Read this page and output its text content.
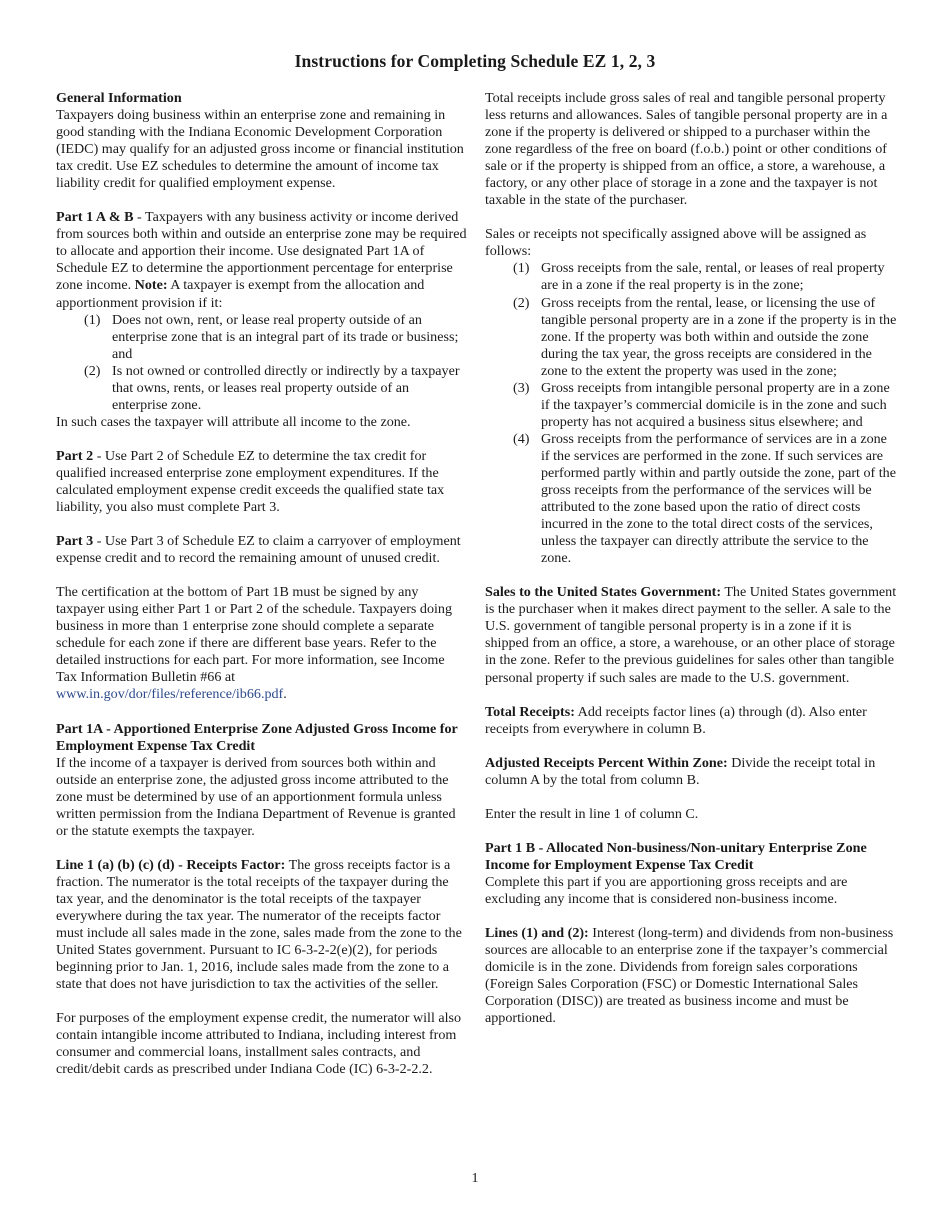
Instructions for Completing Schedule EZ 1, 2, 3

General Information
Taxpayers doing business within an enterprise zone and remaining in good standing with the Indiana Economic Development Corporation (IEDC) may qualify for an adjusted gross income or financial institution tax credit. Use EZ schedules to determine the amount of income tax liability credit for qualified employment expense.

Part 1 A & B - Taxpayers with any business activity or income derived from sources both within and outside an enterprise zone may be required to allocate and apportion their income. Use designated Part 1A of Schedule EZ to determine the apportionment percentage for enterprise zone income. Note: A taxpayer is exempt from the allocation and apportionment provision if it:
(1) Does not own, rent, or lease real property outside of an enterprise zone that is an integral part of its trade or business; and
(2) Is not owned or controlled directly or indirectly by a taxpayer that owns, rents, or leases real property outside of an enterprise zone.

In such cases the taxpayer will attribute all income to the zone.

Part 2 - Use Part 2 of Schedule EZ to determine the tax credit for qualified increased enterprise zone employment expenditures. If the calculated employment expense credit exceeds the qualified state tax liability, you also must complete Part 3.

Part 3 - Use Part 3 of Schedule EZ to claim a carryover of employment expense credit and to record the remaining amount of unused credit.

The certification at the bottom of Part 1B must be signed by any taxpayer using either Part 1 or Part 2 of the schedule. Taxpayers doing business in more than 1 enterprise zone should complete a separate schedule for each zone if there are different base years. Refer to the detailed instructions for each part. For more information, see Income Tax Information Bulletin #66 at www.in.gov/dor/files/reference/ib66.pdf.

Part 1A - Apportioned Enterprise Zone Adjusted Gross Income for Employment Expense Tax Credit
If the income of a taxpayer is derived from sources both within and outside an enterprise zone, the adjusted gross income attributed to the zone must be determined by use of an apportionment formula unless written permission from the Indiana Department of Revenue is granted or the statute exempts the taxpayer.

Line 1 (a) (b) (c) (d) - Receipts Factor: The gross receipts factor is a fraction. The numerator is the total receipts of the taxpayer during the tax year, and the denominator is the total receipts of the taxpayer everywhere during the tax year. The numerator of the receipts factor must include all sales made in the zone, sales made from the zone to the United States government. Pursuant to IC 6-3-2-2(e)(2), for periods beginning prior to Jan. 1, 2016, include sales made from the zone to a state that does not have jurisdiction to tax the activities of the seller.

For purposes of the employment expense credit, the numerator will also contain intangible income attributed to Indiana, including interest from consumer and commercial loans, installment sales contracts, and credit/debit cards as prescribed under Indiana Code (IC) 6-3-2-2.2.

Total receipts include gross sales of real and tangible personal property less returns and allowances. Sales of tangible personal property are in a zone if the property is delivered or shipped to a purchaser within the zone regardless of the free on board (f.o.b.) point or other conditions of sale or if the property is shipped from an office, a store, a warehouse, a factory, or any other place of storage in a zone and the taxpayer is not taxable in the state of the purchaser.

Sales or receipts not specifically assigned above will be assigned as follows:
(1) Gross receipts from the sale, rental, or leases of real property are in a zone if the real property is in the zone;
(2) Gross receipts from the rental, lease, or licensing the use of tangible personal property are in a zone if the property is in the zone. If the property was both within and outside the zone during the tax year, the gross receipts are considered in the zone to the extent the property was used in the zone;
(3) Gross receipts from intangible personal property are in a zone if the taxpayer’s commercial domicile is in the zone and such property has not acquired a business situs elsewhere; and
(4) Gross receipts from the performance of services are in a zone if the services are performed in the zone. If such services are performed partly within and partly outside the zone, part of the gross receipts from the performance of the services will be attributed to the zone based upon the ratio of direct costs incurred in the zone to the total direct costs of the services, unless the taxpayer can directly attribute the service to the zone.

Sales to the United States Government: The United States government is the purchaser when it makes direct payment to the seller. A sale to the U.S. government of tangible personal property is in a zone if it is shipped from an office, a store, a warehouse, or an other place of storage in the zone. Refer to the previous guidelines for sales other than tangible personal property if such sales are made to the U.S. government.

Total Receipts: Add receipts factor lines (a) through (d). Also enter receipts from everywhere in column B.

Adjusted Receipts Percent Within Zone: Divide the receipt total in column A by the total from column B.

Enter the result in line 1 of column C.

Part 1 B - Allocated Non-business/Non-unitary Enterprise Zone Income for Employment Expense Tax Credit
Complete this part if you are apportioning gross receipts and are excluding any income that is considered non-business income.

Lines (1) and (2): Interest (long-term) and dividends from non-business sources are allocable to an enterprise zone if the taxpayer’s commercial domicile is in the zone. Dividends from foreign sales corporations (Foreign Sales Corporation (FSC) or Domestic International Sales Corporation (DISC)) are treated as business income and must be apportioned.

1
